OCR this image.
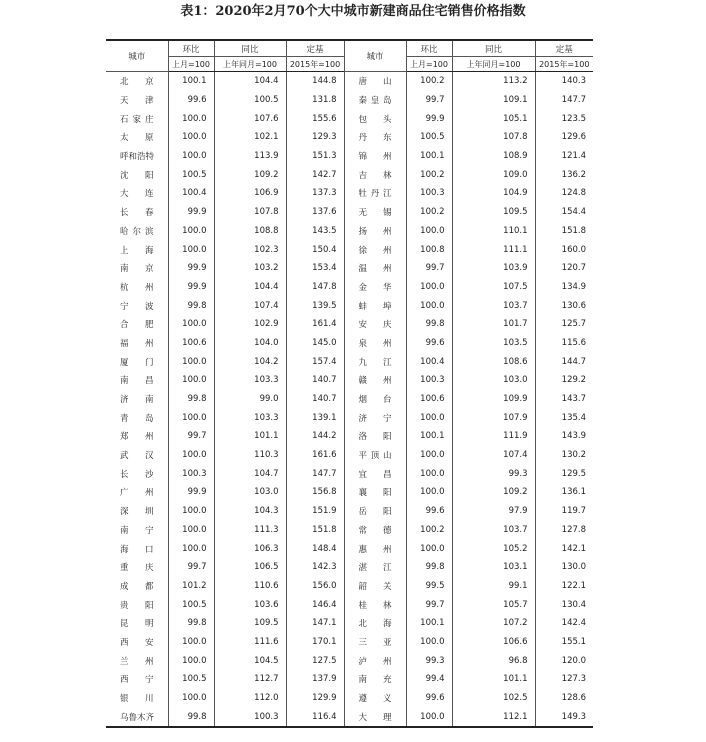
表1：2020年2月70个大中城市新建商品住宅销售价格指数
城市	环比	同比	定基	城市	环比	同比	定基
	上月=100	上年同月=100	2015年=100		上月=100	上年同月=100	2015年=100
北京	100.1	104.4	144.8	唐山	100.2	113.2	140.3
天津	99.6	100.5	131.8	秦皇岛	99.7	109.1	147.7
石家庄	100.0	107.6	155.6	包头	99.9	105.1	123.5
太原	100.0	102.1	129.3	丹东	100.5	107.8	129.6
呼和浩特	100.0	113.9	151.3	锦州	100.1	108.9	121.4
沈阳	100.5	109.2	142.7	吉林	100.2	109.0	136.2
大连	100.4	106.9	137.3	牡丹江	100.3	104.9	124.8
长春	99.9	107.8	137.6	无锡	100.2	109.5	154.4
哈尔滨	100.0	108.8	143.5	扬州	100.0	110.1	151.8
上海	100.0	102.3	150.4	徐州	100.8	111.1	160.0
南京	99.9	103.2	153.4	温州	99.7	103.9	120.7
杭州	99.9	104.4	147.8	金华	100.0	107.5	134.9
宁波	99.8	107.4	139.5	蚌埠	100.0	103.7	130.6
合肥	100.0	102.9	161.4	安庆	99.8	101.7	125.7
福州	100.6	104.0	145.0	泉州	99.6	103.5	115.6
厦门	100.0	104.2	157.4	九江	100.4	108.6	144.7
南昌	100.0	103.3	140.7	赣州	100.3	103.0	129.2
济南	99.8	99.0	140.7	烟台	100.6	109.9	143.7
青岛	100.0	103.3	139.1	济宁	100.0	107.9	135.4
郑州	99.7	101.1	144.2	洛阳	100.1	111.9	143.9
武汉	100.0	110.3	161.6	平顶山	100.0	107.4	130.2
长沙	100.3	104.7	147.7	宜昌	100.0	99.3	129.5
广州	99.9	103.0	156.8	襄阳	100.0	109.2	136.1
深圳	100.0	104.3	151.9	岳阳	99.6	97.9	119.7
南宁	100.0	111.3	151.8	常德	100.2	103.7	127.8
海口	100.0	106.3	148.4	惠州	100.0	105.2	142.1
重庆	99.7	106.5	142.3	湛江	99.8	103.1	130.0
成都	101.2	110.6	156.0	韶关	99.5	99.1	122.1
贵阳	100.5	103.6	146.4	桂林	99.7	105.7	130.4
昆明	99.8	109.5	147.1	北海	100.1	107.2	142.4
西安	100.0	111.6	170.1	三亚	100.0	106.6	155.1
兰州	100.0	104.5	127.5	泸州	99.3	96.8	120.0
西宁	100.5	112.7	137.9	南充	99.4	101.1	127.3
银川	100.0	112.0	129.9	遵义	99.6	102.5	128.6
乌鲁木齐	99.8	100.3	116.4	大理	100.0	112.1	149.3
